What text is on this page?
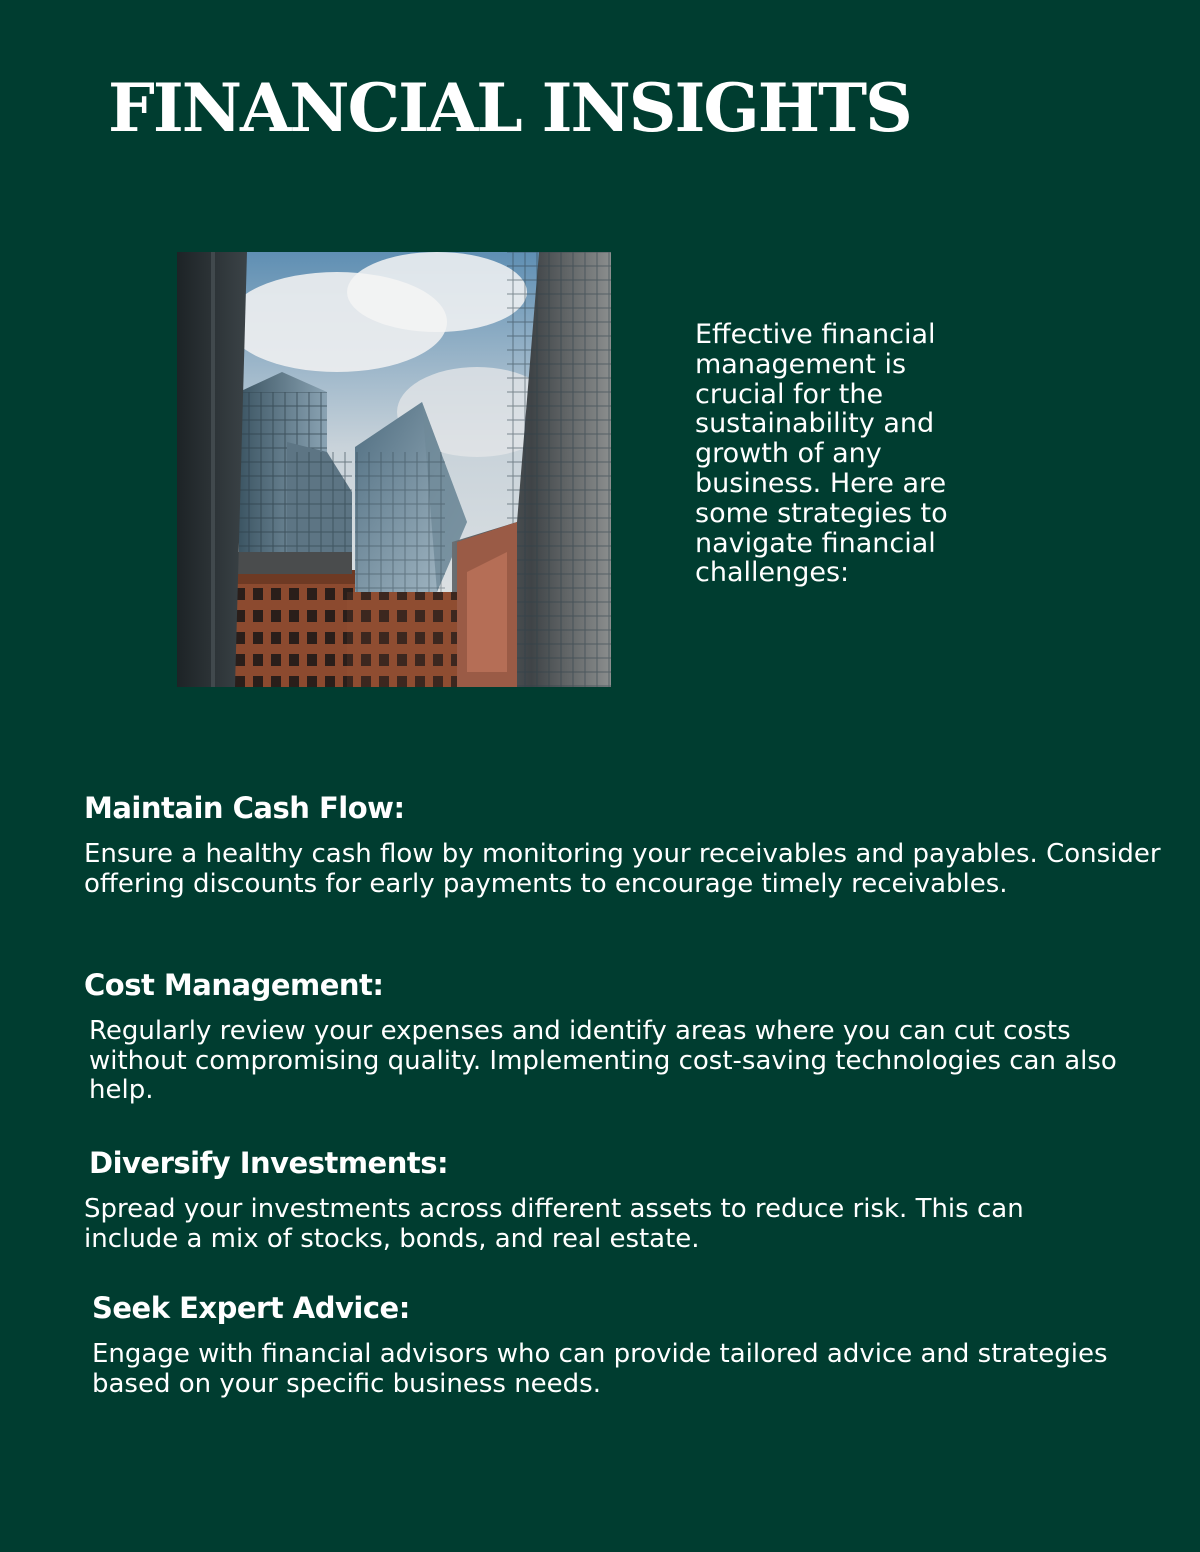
FINANCIAL INSIGHTS

Effective financial management is crucial for the sustainability and growth of any business. Here are some strategies to navigate financial challenges:

Maintain Cash Flow:

Ensure a healthy cash flow by monitoring your receivables and payables. Consider offering discounts for early payments to encourage timely receivables.

Cost Management:

Regularly review your expenses and identify areas where you can cut costs without compromising quality. Implementing cost-saving technologies can also help.

Diversify Investments:

Spread your investments across different assets to reduce risk. This can include a mix of stocks, bonds, and real estate.

Seek Expert Advice:

Engage with financial advisors who can provide tailored advice and strategies based on your specific business needs.
